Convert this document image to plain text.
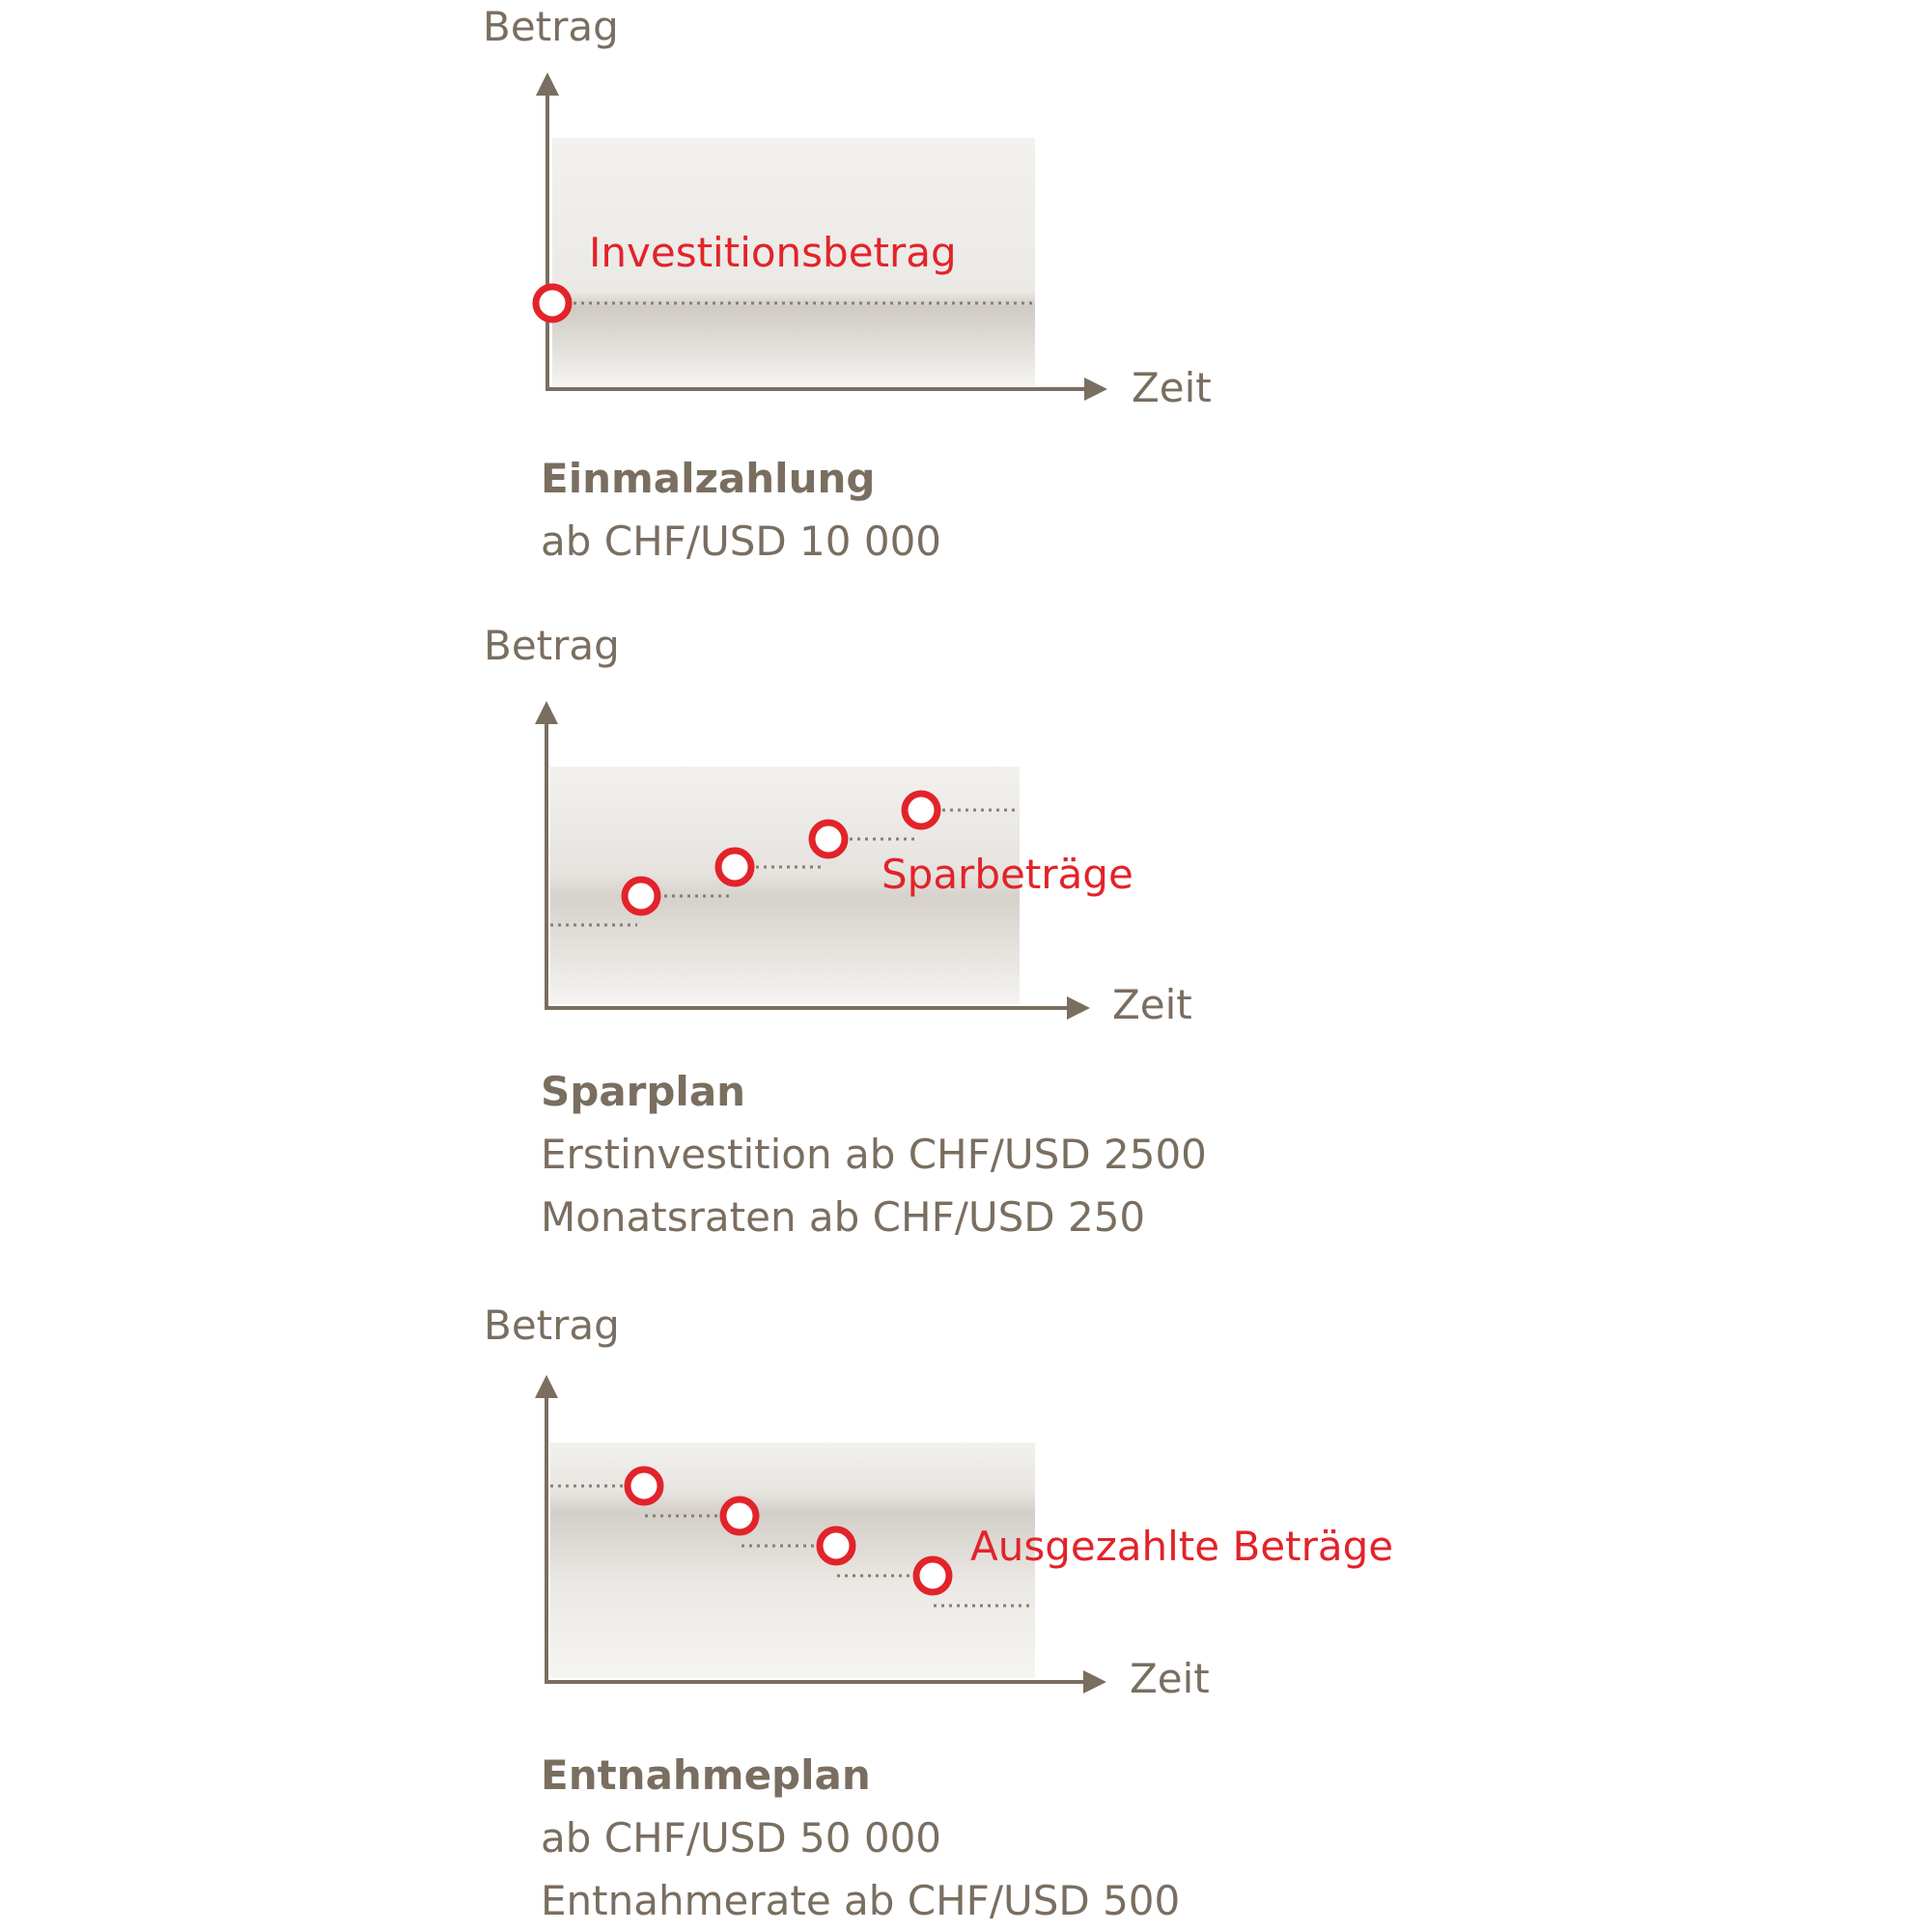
Betrag
Zeit
Investitionsbetrag
Einmalzahlung
ab CHF/USD 10 000
Betrag
Zeit
Sparbeträge
Sparplan
Erstinvestition ab CHF/USD 2500
Monatsraten ab CHF/USD 250
Betrag
Zeit
Ausgezahlte Beträge
Entnahmeplan
ab CHF/USD 50 000
Entnahmerate ab CHF/USD 500
